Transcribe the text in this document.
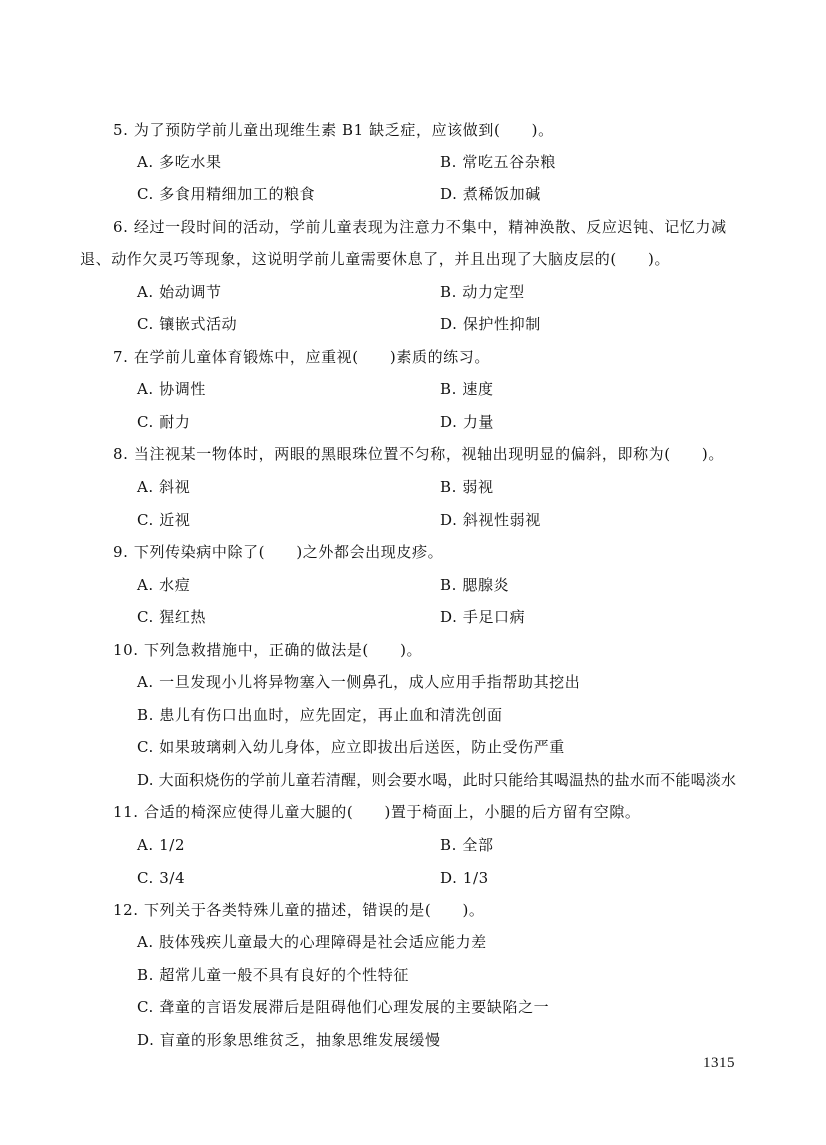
5. 为了预防学前儿童出现维生素 B1 缺乏症，应该做到(　　)。
A. 多吃水果	B. 常吃五谷杂粮
C. 多食用精细加工的粮食	D. 煮稀饭加碱
6. 经过一段时间的活动，学前儿童表现为注意力不集中，精神涣散、反应迟钝、记忆力减
退、动作欠灵巧等现象，这说明学前儿童需要休息了，并且出现了大脑皮层的(　　)。
A. 始动调节	B. 动力定型
C. 镶嵌式活动	D. 保护性抑制
7. 在学前儿童体育锻炼中，应重视(　　)素质的练习。
A. 协调性	B. 速度
C. 耐力	D. 力量
8. 当注视某一物体时，两眼的黑眼珠位置不匀称，视轴出现明显的偏斜，即称为(　　)。
A. 斜视	B. 弱视
C. 近视	D. 斜视性弱视
9. 下列传染病中除了(　　)之外都会出现皮疹。
A. 水痘	B. 腮腺炎
C. 猩红热	D. 手足口病
10. 下列急救措施中，正确的做法是(　　)。
A. 一旦发现小儿将异物塞入一侧鼻孔，成人应用手指帮助其挖出
B. 患儿有伤口出血时，应先固定，再止血和清洗创面
C. 如果玻璃刺入幼儿身体，应立即拔出后送医，防止受伤严重
D. 大面积烧伤的学前儿童若清醒，则会要水喝，此时只能给其喝温热的盐水而不能喝淡水
11. 合适的椅深应使得儿童大腿的(　　)置于椅面上，小腿的后方留有空隙。
A. 1/2	B. 全部
C. 3/4	D. 1/3
12. 下列关于各类特殊儿童的描述，错误的是(　　)。
A. 肢体残疾儿童最大的心理障碍是社会适应能力差
B. 超常儿童一般不具有良好的个性特征
C. 聋童的言语发展滞后是阻碍他们心理发展的主要缺陷之一
D. 盲童的形象思维贫乏，抽象思维发展缓慢
1315
